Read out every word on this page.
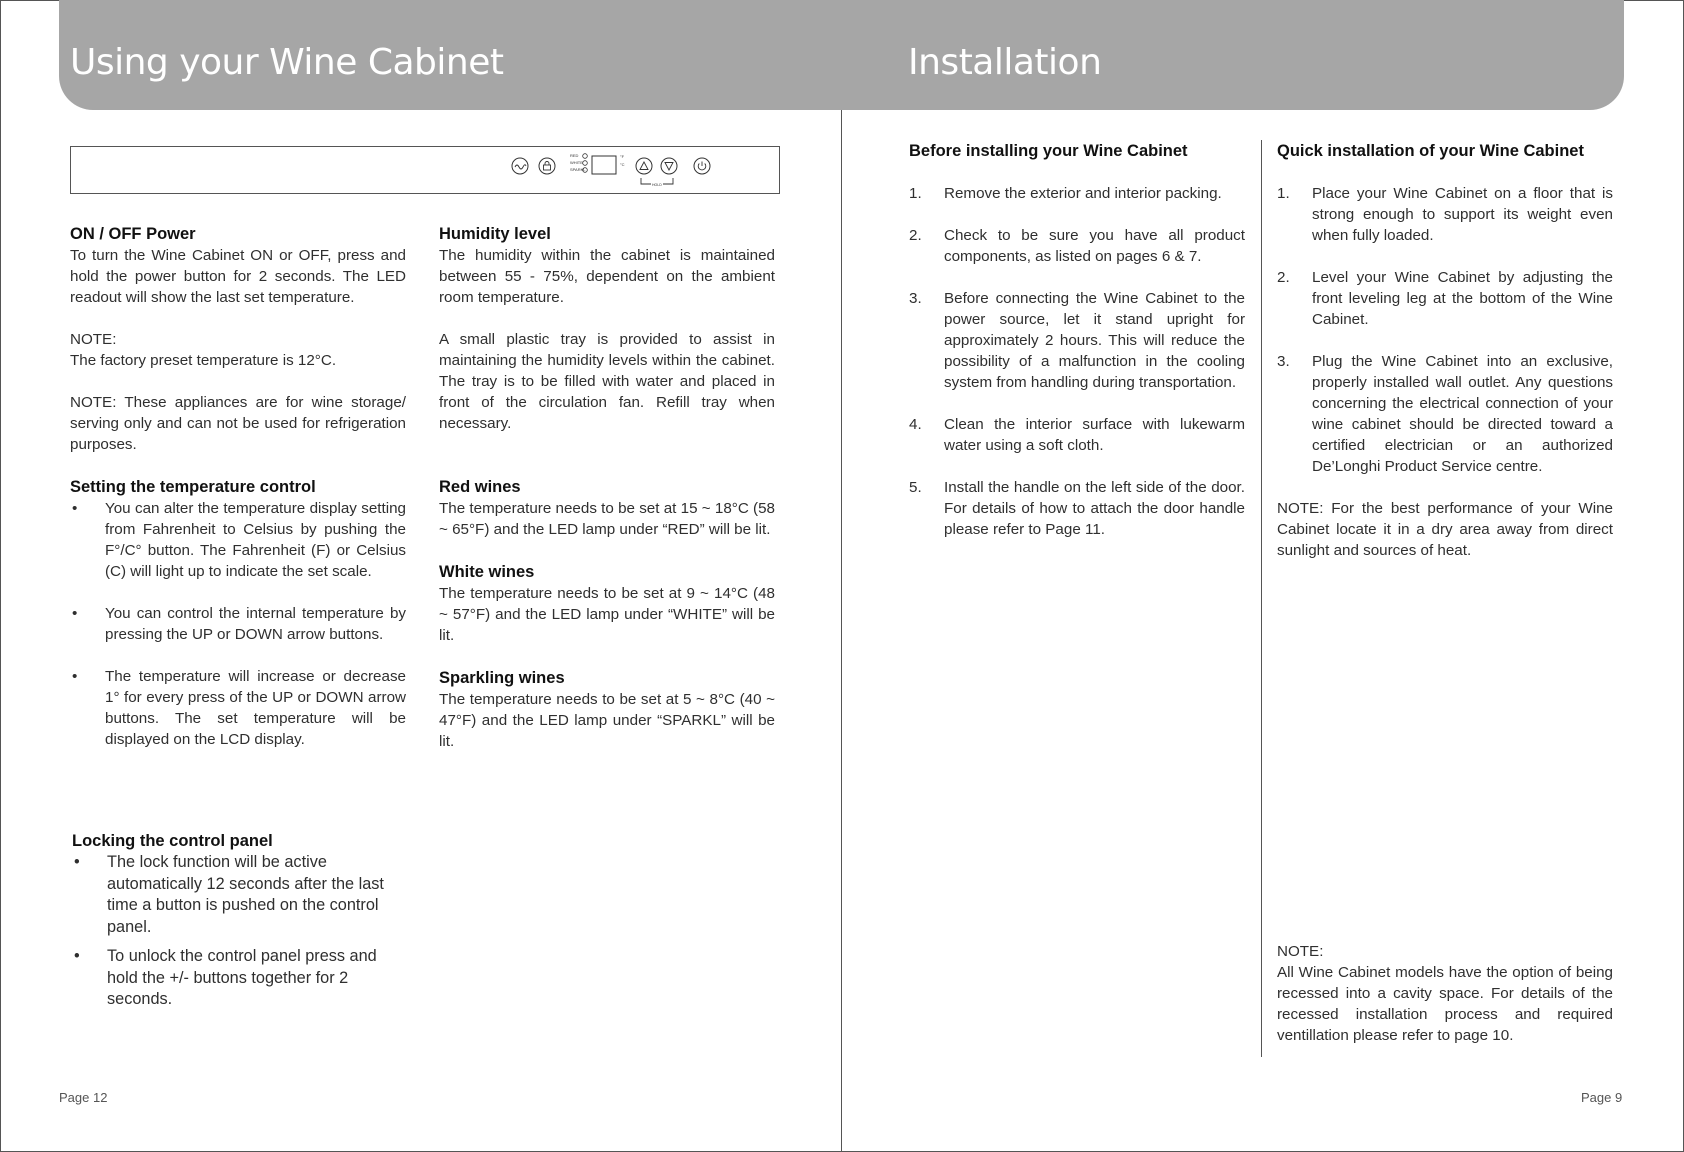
Using your Wine Cabinet	Installation
RED
WHITE
SPARKL
°F
°C
HOLD

ON / OFF Power

To turn the Wine Cabinet ON or OFF, press and hold the power button for 2 seconds. The LED readout will show the last set temperature.

NOTE:

The factory preset temperature is 12°C.

NOTE: These appliances are for wine storage/ serving only and can not be used for refrigeration purposes.

Setting the temperature control

• You can alter the temperature display setting from Fahrenheit to Celsius by pushing the F°/C° button. The Fahrenheit (F) or Celsius (C) will light up to indicate the set scale.
• You can control the internal temperature by pressing the UP or DOWN arrow buttons.
• The temperature will increase or decrease 1° for every press of the UP or DOWN arrow buttons. The set temperature will be displayed on the LCD display.

Locking the control panel

• The lock function will be active automatically 12 seconds after the last time a button is pushed on the control panel.
• To unlock the control panel press and hold the +/- buttons together for 2 seconds.

Humidity level

The humidity within the cabinet is maintained between 55 - 75%, dependent on the ambient room temperature.

A small plastic tray is provided to assist in maintaining the humidity levels within the cabinet. The tray is to be filled with water and placed in front of the circulation fan. Refill tray when necessary.

Red wines

The temperature needs to be set at 15 ~ 18°C (58 ~ 65°F) and the LED lamp under “RED” will be lit.

White wines

The temperature needs to be set at 9 ~ 14°C (48 ~ 57°F) and the LED lamp under “WHITE” will be lit.

Sparkling wines

The temperature needs to be set at 5 ~ 8°C (40 ~ 47°F) and the LED lamp under “SPARKL” will be lit.

Before installing your Wine Cabinet

1. Remove the exterior and interior packing.
2. Check to be sure you have all product components, as listed on pages 6 & 7.
3. Before connecting the Wine Cabinet to the power source, let it stand upright for approximately 2 hours. This will reduce the possibility of a malfunction in the cooling system from handling during transportation.
4. Clean the interior surface with lukewarm water using a soft cloth.
5. Install the handle on the left side of the door. For details of how to attach the door handle please refer to Page 11.

Quick installation of your Wine Cabinet

1. Place your Wine Cabinet on a floor that is strong enough to support its weight even when fully loaded.
2. Level your Wine Cabinet by adjusting the front leveling leg at the bottom of the Wine Cabinet.
3. Plug the Wine Cabinet into an exclusive, properly installed wall outlet. Any questions concerning the electrical connection of your wine cabinet should be directed toward a certified electrician or an authorized De’Longhi Product Service centre.

NOTE: For the best performance of your Wine Cabinet locate it in a dry area away from direct sunlight and sources of heat.

NOTE:

All Wine Cabinet models have the option of being recessed into a cavity space. For details of the recessed installation process and required ventillation please refer to page 10.

Page 12	Page 9
